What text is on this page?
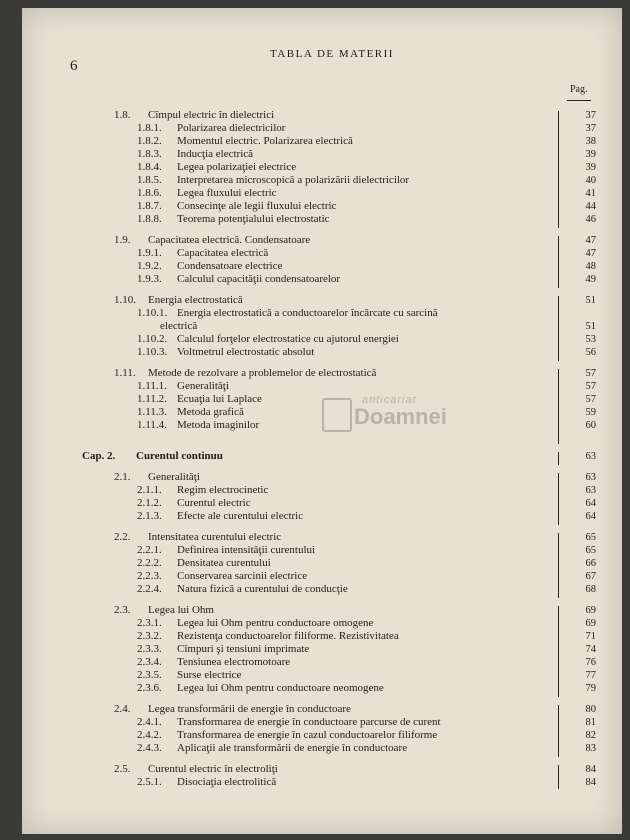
6
TABLA DE MATERII
Pag.
1.8. Cîmpul electric în dielectrici	37
1.8.1. Polarizarea dielectricilor	37
1.8.2. Momentul electric. Polarizarea electrică	38
1.8.3. Inducţia electrică	39
1.8.4. Legea polarizaţiei electrice	39
1.8.5. Interpretarea microscopică a polarizării dielectricilor	40
1.8.6. Legea fluxului electric	41
1.8.7. Consecinţe ale legii fluxului electric	44
1.8.8. Teorema potenţialului electrostatic	46
1.9. Capacitatea electrică. Condensatoare	47
1.9.1. Capacitatea electrică	47
1.9.2. Condensatoare electrice	48
1.9.3. Calculul capacităţii condensatoarelor	49
1.10. Energia electrostatică	51
1.10.1. Energia electrostatică a conductoarelor încărcate cu sarcină
electrică	51
1.10.2. Calculul forţelor electrostatice cu ajutorul energiei	53
1.10.3. Voltmetrul electrostatic absolut	56
1.11. Metode de rezolvare a problemelor de electrostatică	57
1.11.1. Generalităţi	57
1.11.2. Ecuaţia lui Laplace	57
1.11.3. Metoda grafică	59
1.11.4. Metoda imaginilor	60
Cap. 2. Curentul continuu	63
2.1. Generalităţi	63
2.1.1. Regim electrocinetic	63
2.1.2. Curentul electric	64
2.1.3. Efecte ale curentului electric	64
2.2. Intensitatea curentului electric	65
2.2.1. Definirea intensităţii curentului	65
2.2.2. Densitatea curentului	66
2.2.3. Conservarea sarcinii electrice	67
2.2.4. Natura fizică a curentului de conducţie	68
2.3. Legea lui Ohm	69
2.3.1. Legea lui Ohm pentru conductoare omogene	69
2.3.2. Rezistenţa conductoarelor filiforme. Rezistivitatea	71
2.3.3. Cîmpuri şi tensiuni imprimate	74
2.3.4. Tensiunea electromotoare	76
2.3.5. Surse electrice	77
2.3.6. Legea lui Ohm pentru conductoare neomogene	79
2.4. Legea transformării de energie în conductoare	80
2.4.1. Transformarea de energie în conductoare parcurse de curent	81
2.4.2. Transformarea de energie în cazul conductoarelor filiforme	82
2.4.3. Aplicaţii ale transformării de energie în conductoare	83
2.5. Curentul electric în electroliţi	84
2.5.1. Disociaţia electrolitică	84
anticariat
Doamnei
